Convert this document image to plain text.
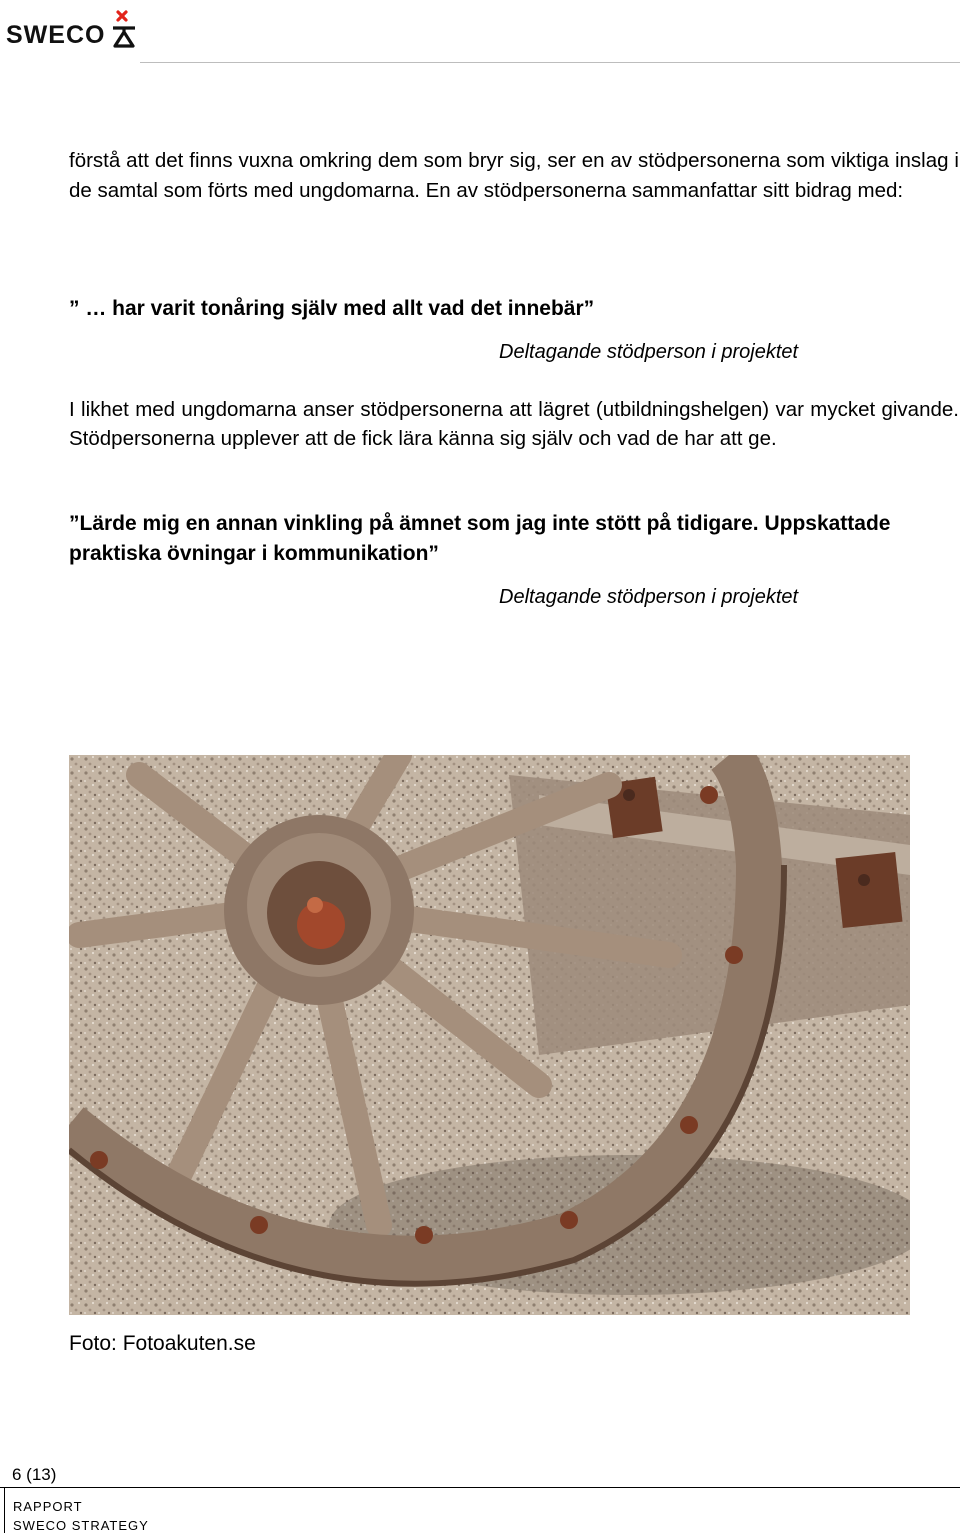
SWECO
förstå att det finns vuxna omkring dem som bryr sig, ser en av stödpersonerna som viktiga inslag i de samtal som förts med ungdomarna. En av stödpersonerna sammanfattar sitt bidrag med:
” … har varit tonåring själv med allt vad det innebär”
Deltagande stödperson i projektet
I likhet med ungdomarna anser stödpersonerna att lägret (utbildningshelgen) var mycket givande. Stödpersonerna upplever att de fick lära känna sig själv och vad de har att ge.
”Lärde mig en annan vinkling på ämnet som jag inte stött på tidigare. Uppskattade praktiska övningar i kommunikation”
Deltagande stödperson i projektet
Foto: Fotoakuten.se
6 (13)
RAPPORT
SWECO STRATEGY
